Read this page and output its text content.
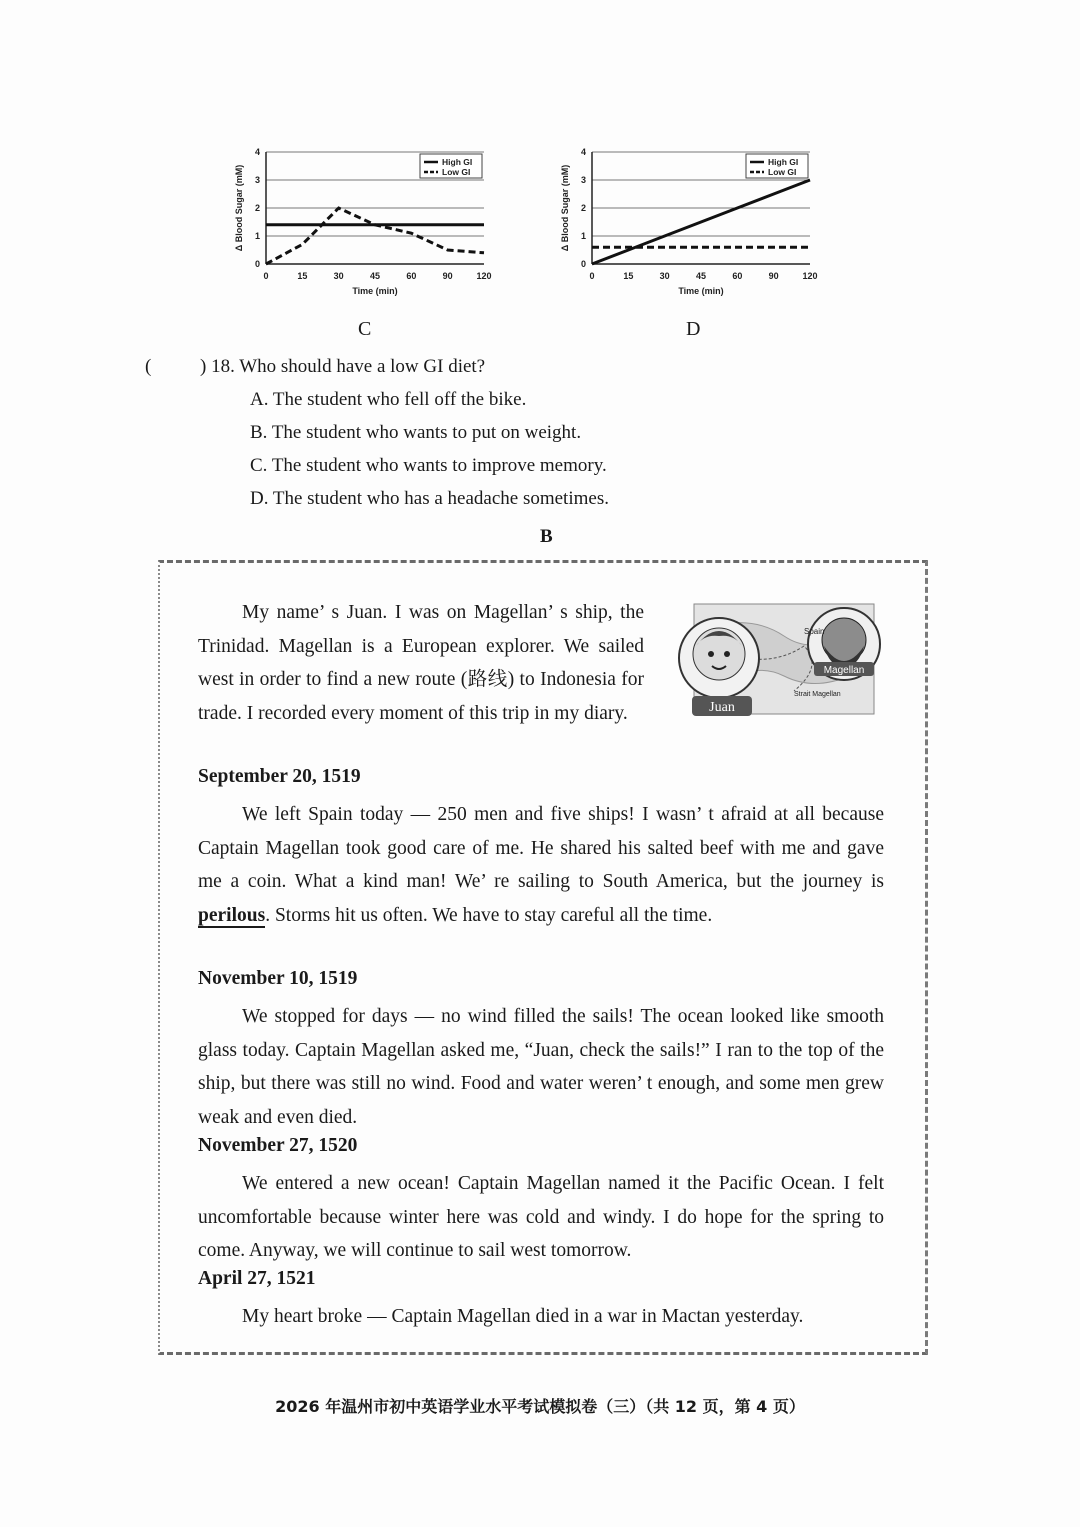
0
1
2
3
4
0	15	30	45	60	90	120
Time (min)
Δ Blood Sugar (mM)
High GI
Low GI
C
0
1
2
3
4
0	15	30	45	60	90	120
Time (min)
Δ Blood Sugar (mM)
High GI
Low GI
D
(	) 18. Who should have a low GI diet?
A. The student who fell off the bike.
B. The student who wants to put on weight.
C. The student who wants to improve memory.
D. The student who has a headache sometimes.
B
Juan
Magellan
Spain
Strait Magellan
My name’ s Juan. I was on Magellan’ s ship, the Trinidad. Magellan is a European explorer. We sailed west in order to find a new route (路线) to Indonesia for trade. I recorded every moment of this trip in my diary.
September 20, 1519
We left Spain today — 250 men and five ships! I wasn’ t afraid at all because Captain Magellan took good care of me. He shared his salted beef with me and gave me a coin. What a kind man! We’ re sailing to South America, but the journey is perilous. Storms hit us often. We have to stay careful all the time.
November 10, 1519
We stopped for days — no wind filled the sails! The ocean looked like smooth glass today. Captain Magellan asked me, “Juan, check the sails!” I ran to the top of the ship, but there was still no wind. Food and water weren’ t enough, and some men grew weak and even died.
November 27, 1520
We entered a new ocean! Captain Magellan named it the Pacific Ocean. I felt uncomfortable because winter here was cold and windy. I do hope for the spring to come. Anyway, we will continue to sail west tomorrow.
April 27, 1521
My heart broke — Captain Magellan died in a war in Mactan yesterday.
2026 年温州市初中英语学业水平考试模拟卷（三）（共 12 页，第 4 页）
